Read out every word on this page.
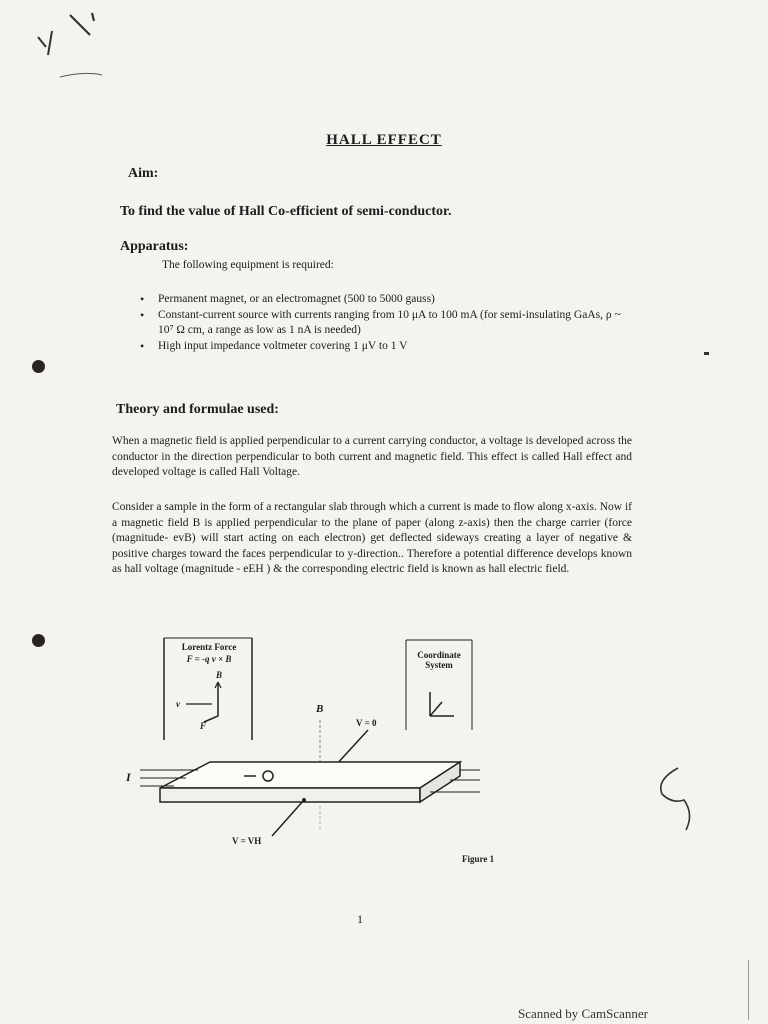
HALL EFFECT
Aim:
To find the value of Hall Co-efficient of semi-conductor.
Apparatus:
The following equipment is required:
• Permanent magnet, or an electromagnet (500 to 5000 gauss)
• Constant-current source with currents ranging from 10 μA to 100 mA (for semi-insulating GaAs, ρ ~ 10⁷ Ω cm, a range as low as 1 nA is needed)
• High input impedance voltmeter covering 1 μV to 1 V
Theory and formulae used:
When a magnetic field is applied perpendicular to a current carrying conductor, a voltage is developed across the conductor in the direction perpendicular to both current and magnetic field. This effect is called Hall effect and developed voltage is called Hall Voltage.
Consider a sample in the form of a rectangular slab through which a current is made to flow along x-axis. Now if a magnetic field B is applied perpendicular to the plane of paper (along z-axis) then the charge carrier (force (magnitude- evB) will start acting on each electron) get deflected sideways creating a layer of negative & positive charges toward the faces perpendicular to y-direction.. Therefore a potential difference develops known as hall voltage (magnitude - eEH ) & the corresponding electric field is known as hall electric field.
Lorentz Force
F = -q v × B
B
v
F
Coordinate System
B
V = 0
I
V = VH
Figure 1
1
Scanned by CamScanner
